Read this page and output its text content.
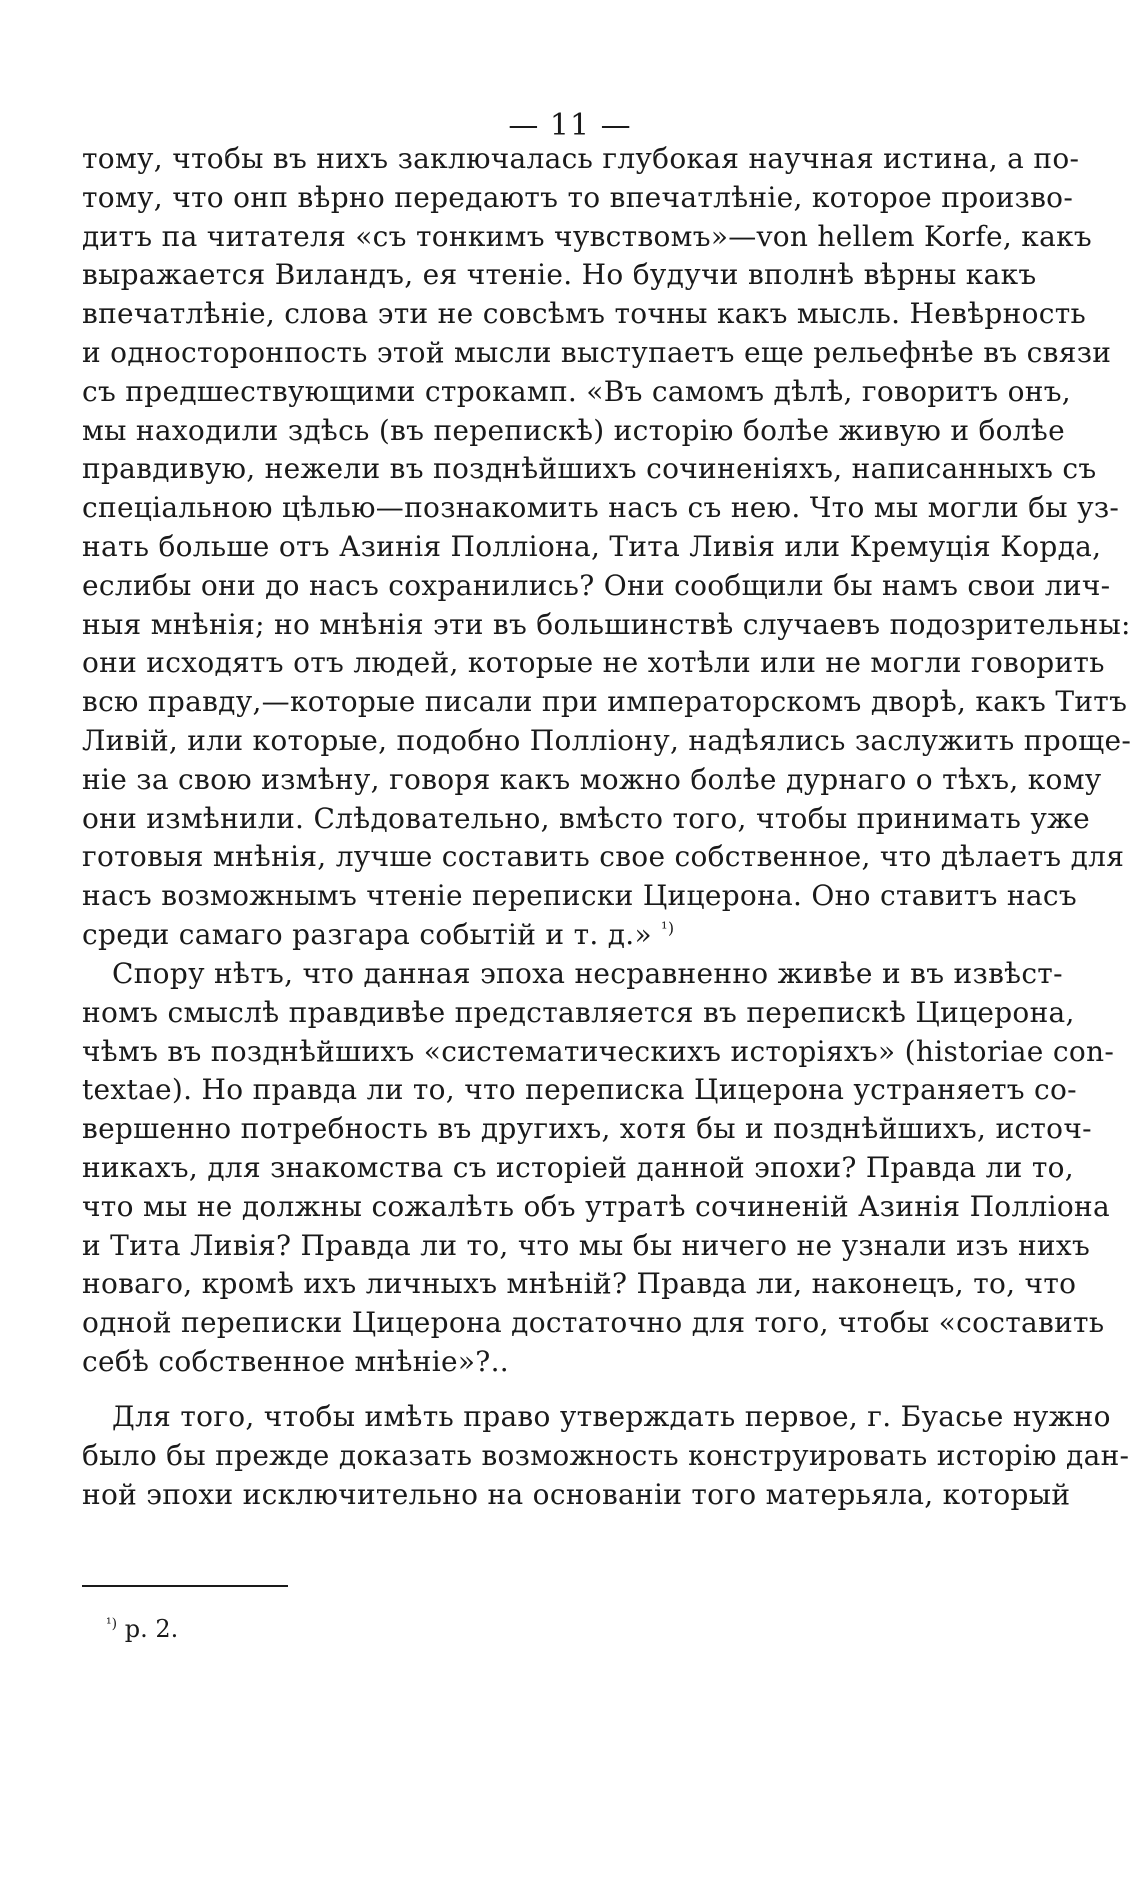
— 11 —
тому, чтобы въ нихъ заключалась глубокая научная истина, а по-
тому, что онп вѣрно передаютъ то впечатлѣніе, которое произво-
дитъ па читателя «съ тонкимъ чувствомъ»—von hellem Korfe, какъ
выражается Виландъ, ея чтеніе. Но будучи вполнѣ вѣрны какъ
впечатлѣніе, слова эти не совсѣмъ точны какъ мысль. Невѣрность
и односторонпость этой мысли выступаетъ еще рельефнѣе въ связи
съ предшествующими строкамп. «Въ самомъ дѣлѣ, говоритъ онъ,
мы находили здѣсь (въ перепискѣ) исторію болѣе живую и болѣе
правдивую, нежели въ позднѣйшихъ сочиненіяхъ, написанныхъ съ
спеціальною цѣлью—познакомить насъ съ нею. Что мы могли бы уз-
нать больше отъ Азинія Полліона, Тита Ливія или Кремуція Корда,
еслибы они до насъ сохранились? Они сообщили бы намъ свои лич-
ныя мнѣнія; но мнѣнія эти въ большинствѣ случаевъ подозрительны:
они исходятъ отъ людей, которые не хотѣли или не могли говорить
всю правду,—которые писали при императорскомъ дворѣ, какъ Титъ
Ливій, или которые, подобно Полліону, надѣялись заслужить проще-
ніе за свою измѣну, говоря какъ можно болѣе дурнаго о тѣхъ, кому
они измѣнили. Слѣдовательно, вмѣсто того, чтобы принимать уже
готовыя мнѣнія, лучше составить свое собственное, что дѣлаетъ для
насъ возможнымъ чтеніе переписки Цицерона. Оно ставитъ насъ
среди самаго разгара событій и т. д.» $^{^1)}$
Спору нѣтъ, что данная эпоха несравненно живѣе и въ извѣст-
номъ смыслѣ правдивѣе представляется въ перепискѣ Цицерона,
чѣмъ въ позднѣйшихъ «систематическихъ исторіяхъ» (historiae con-
textae). Но правда ли то, что переписка Цицерона устраняетъ со-
вершенно потребность въ другихъ, хотя бы и позднѣйшихъ, источ-
никахъ, для знакомства съ исторіей данной эпохи? Правда ли то,
что мы не должны сожалѣть объ утратѣ сочиненій Азинія Полліона
и Тита Ливія? Правда ли то, что мы бы ничего не узнали изъ нихъ
новаго, кромѣ ихъ личныхъ мнѣній? Правда ли, наконецъ, то, что
одной переписки Цицерона достаточно для того, чтобы «составить
себѣ собственное мнѣніе»?..
Для того, чтобы имѣть право утверждать первое, г. Буасье нужно
было бы прежде доказать возможность конструировать исторію дан-
ной эпохи исключительно на основаніи того матерьяла, который
$^{^1)}$ р. 2.
